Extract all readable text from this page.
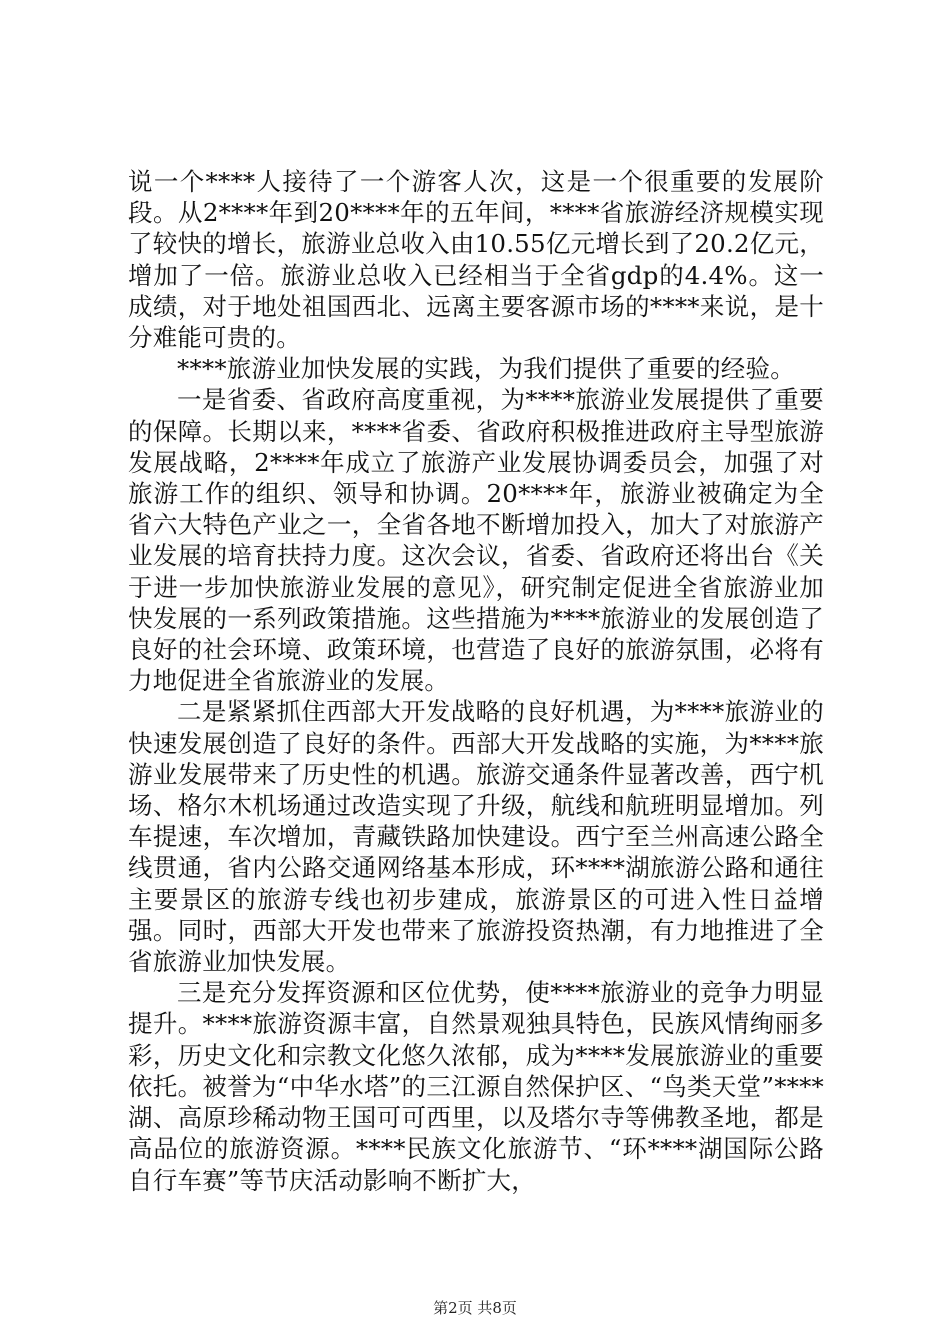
说一个****人接待了一个游客人次，这是一个很重要的发展阶段。从2****年到20****年的五年间，****省旅游经济规模实现了较快的增长，旅游业总收入由10.55亿元增长到了20.2亿元，增加了一倍。旅游业总收入已经相当于全省gdp的4.4%。这一成绩，对于地处祖国西北、远离主要客源市场的****来说，是十分难能可贵的。

****旅游业加快发展的实践，为我们提供了重要的经验。

一是省委、省政府高度重视，为****旅游业发展提供了重要的保障。长期以来，****省委、省政府积极推进政府主导型旅游发展战略，2****年成立了旅游产业发展协调委员会，加强了对旅游工作的组织、领导和协调。20****年，旅游业被确定为全省六大特色产业之一，全省各地不断增加投入，加大了对旅游产业发展的培育扶持力度。这次会议，省委、省政府还将出台《关于进一步加快旅游业发展的意见》，研究制定促进全省旅游业加快发展的一系列政策措施。这些措施为****旅游业的发展创造了良好的社会环境、政策环境，也营造了良好的旅游氛围，必将有力地促进全省旅游业的发展。

二是紧紧抓住西部大开发战略的良好机遇，为****旅游业的快速发展创造了良好的条件。西部大开发战略的实施，为****旅游业发展带来了历史性的机遇。旅游交通条件显著改善，西宁机场、格尔木机场通过改造实现了升级，航线和航班明显增加。列车提速，车次增加，青藏铁路加快建设。西宁至兰州高速公路全线贯通，省内公路交通网络基本形成，环****湖旅游公路和通往主要景区的旅游专线也初步建成，旅游景区的可进入性日益增强。同时，西部大开发也带来了旅游投资热潮，有力地推进了全省旅游业加快发展。

三是充分发挥资源和区位优势，使****旅游业的竞争力明显提升。****旅游资源丰富，自然景观独具特色，民族风情绚丽多彩，历史文化和宗教文化悠久浓郁，成为****发展旅游业的重要依托。被誉为“中华水塔”的三江源自然保护区、“鸟类天堂”****湖、高原珍稀动物王国可可西里，以及塔尔寺等佛教圣地，都是高品位的旅游资源。****民族文化旅游节、“环****湖国际公路自行车赛”等节庆活动影响不断扩大，

第2页 共8页
